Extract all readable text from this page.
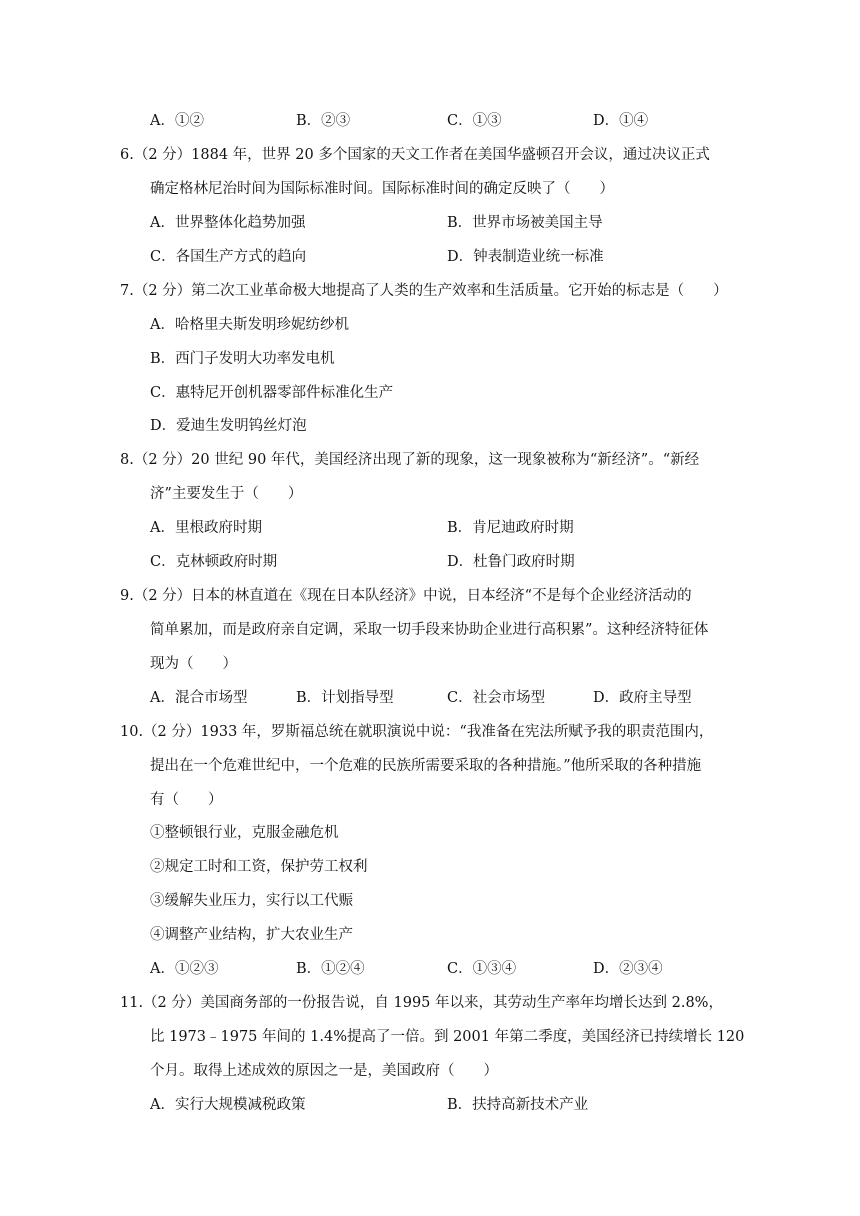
A．①②	B．②③	C．①③	D．①④
6.（2 分）1884 年，世界 20 多个国家的天文工作者在美国华盛顿召开会议，通过决议正式
确定格林尼治时间为国际标准时间。国际标准时间的确定反映了（　　）
A．世界整体化趋势加强	B．世界市场被美国主导
C．各国生产方式的趋向	D．钟表制造业统一标准
7.（2 分）第二次工业革命极大地提高了人类的生产效率和生活质量。它开始的标志是（　　）
A．哈格里夫斯发明珍妮纺纱机
B．西门子发明大功率发电机
C．惠特尼开创机器零部件标准化生产
D．爱迪生发明钨丝灯泡
8.（2 分）20 世纪 90 年代，美国经济出现了新的现象，这一现象被称为“新经济”。“新经
济”主要发生于（　　）
A．里根政府时期	B．肯尼迪政府时期
C．克林顿政府时期	D．杜鲁门政府时期
9.（2 分）日本的林直道在《现在日本队经济》中说，日本经济“不是每个企业经济活动的
简单累加，而是政府亲自定调，采取一切手段来协助企业进行高积累”。这种经济特征体
现为（　　）
A．混合市场型	B．计划指导型	C．社会市场型	D．政府主导型
10.（2 分）1933 年，罗斯福总统在就职演说中说：“我准备在宪法所赋予我的职责范围内，
提出在一个危难世纪中，一个危难的民族所需要采取的各种措施。”他所采取的各种措施
有（　　）
①整顿银行业，克服金融危机
②规定工时和工资，保护劳工权利
③缓解失业压力，实行以工代赈
④调整产业结构，扩大农业生产
A．①②③	B．①②④	C．①③④	D．②③④
11.（2 分）美国商务部的一份报告说，自 1995 年以来，其劳动生产率年均增长达到 2.8%，
比 1973﹣1975 年间的 1.4%提高了一倍。到 2001 年第二季度，美国经济已持续增长 120
个月。取得上述成效的原因之一是，美国政府（　　）
A．实行大规模减税政策	B．扶持高新技术产业
